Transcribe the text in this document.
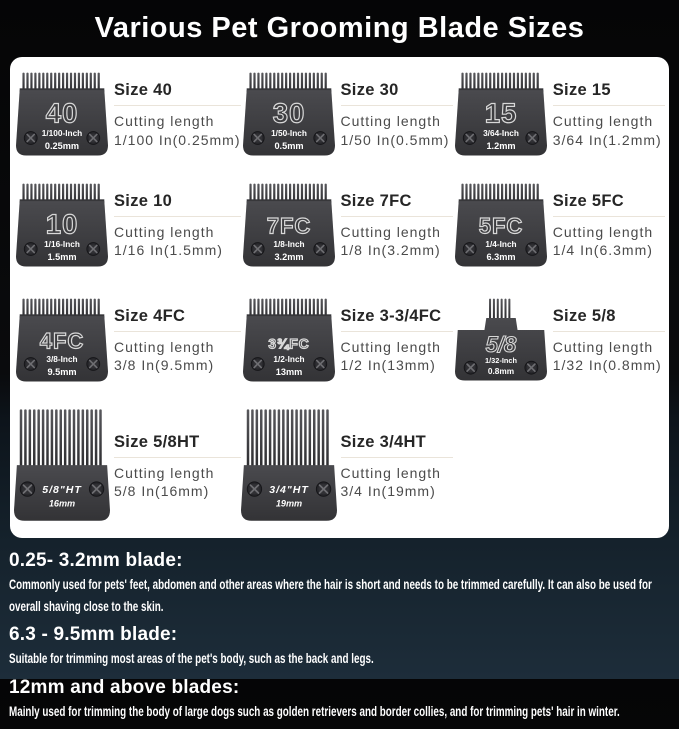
Various Pet Grooming Blade Sizes
40
1/100-Inch
0.25mm
Size 40
Cutting length
1/100 In(0.25mm)
30
1/50-Inch
0.5mm
Size 30
Cutting length
1/50 In(0.5mm)
15
3/64-Inch
1.2mm
Size 15
Cutting length
3/64 In(1.2mm)
10
1/16-Inch
1.5mm
Size 10
Cutting length
1/16 In(1.5mm)
7FC
1/8-Inch
3.2mm
Size 7FC
Cutting length
1/8 In(3.2mm)
5FC
1/4-Inch
6.3mm
Size 5FC
Cutting length
1/4 In(6.3mm)
4FC
3/8-Inch
9.5mm
Size 4FC
Cutting length
3/8 In(9.5mm)
3¾FC
1/2-Inch
13mm
Size 3-3/4FC
Cutting length
1/2 In(13mm)
5/8
1/32-Inch
0.8mm
Size 5/8
Cutting length
1/32 In(0.8mm)
5/8"HT
16mm
Size 5/8HT
Cutting length
5/8 In(16mm)	3/4"HT
19mm
Size 3/4HT
Cutting length
3/4 In(19mm)
0.25- 3.2mm blade:

Commonly used for pets' feet, abdomen and other areas where the hair is short and needs to be trimmed carefully. It can also be used for overall shaving close to the skin.

6.3 - 9.5mm blade:

Suitable for trimming most areas of the pet's body, such as the back and legs.

12mm and above blades:

Mainly used for trimming the body of large dogs such as golden retrievers and border collies, and for trimming pets' hair in winter.
